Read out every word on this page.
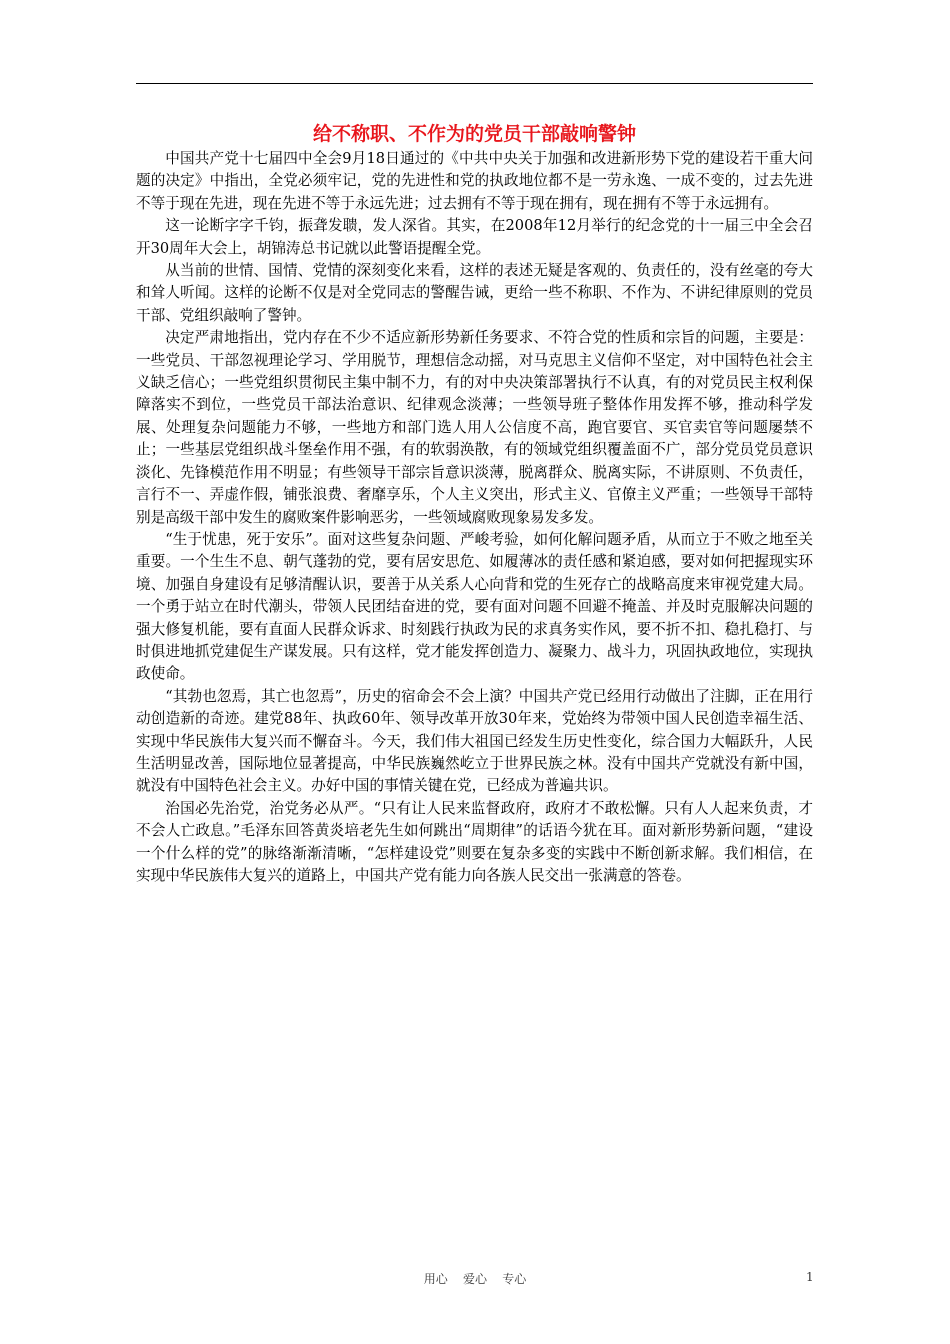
给不称职、不作为的党员干部敲响警钟

中国共产党十七届四中全会9月18日通过的《中共中央关于加强和改进新形势下党的建设若干重大问题的决定》中指出，全党必须牢记，党的先进性和党的执政地位都不是一劳永逸、一成不变的，过去先进不等于现在先进，现在先进不等于永远先进；过去拥有不等于现在拥有，现在拥有不等于永远拥有。

这一论断字字千钧，振聋发聩，发人深省。其实，在2008年12月举行的纪念党的十一届三中全会召开30周年大会上，胡锦涛总书记就以此警语提醒全党。

从当前的世情、国情、党情的深刻变化来看，这样的表述无疑是客观的、负责任的，没有丝毫的夸大和耸人听闻。这样的论断不仅是对全党同志的警醒告诫，更给一些不称职、不作为、不讲纪律原则的党员干部、党组织敲响了警钟。

决定严肃地指出，党内存在不少不适应新形势新任务要求、不符合党的性质和宗旨的问题，主要是：一些党员、干部忽视理论学习、学用脱节，理想信念动摇，对马克思主义信仰不坚定，对中国特色社会主义缺乏信心；一些党组织贯彻民主集中制不力，有的对中央决策部署执行不认真，有的对党员民主权利保障落实不到位，一些党员干部法治意识、纪律观念淡薄；一些领导班子整体作用发挥不够，推动科学发展、处理复杂问题能力不够，一些地方和部门选人用人公信度不高，跑官要官、买官卖官等问题屡禁不止；一些基层党组织战斗堡垒作用不强，有的软弱涣散，有的领域党组织覆盖面不广，部分党员党员意识淡化、先锋模范作用不明显；有些领导干部宗旨意识淡薄，脱离群众、脱离实际，不讲原则、不负责任，言行不一、弄虚作假，铺张浪费、奢靡享乐，个人主义突出，形式主义、官僚主义严重；一些领导干部特别是高级干部中发生的腐败案件影响恶劣，一些领域腐败现象易发多发。

“生于忧患，死于安乐”。面对这些复杂问题、严峻考验，如何化解问题矛盾，从而立于不败之地至关重要。一个生生不息、朝气蓬勃的党，要有居安思危、如履薄冰的责任感和紧迫感，要对如何把握现实环境、加强自身建设有足够清醒认识，要善于从关系人心向背和党的生死存亡的战略高度来审视党建大局。一个勇于站立在时代潮头，带领人民团结奋进的党，要有面对问题不回避不掩盖、并及时克服解决问题的强大修复机能，要有直面人民群众诉求、时刻践行执政为民的求真务实作风，要不折不扣、稳扎稳打、与时俱进地抓党建促生产谋发展。只有这样，党才能发挥创造力、凝聚力、战斗力，巩固执政地位，实现执政使命。

“其勃也忽焉，其亡也忽焉”，历史的宿命会不会上演？中国共产党已经用行动做出了注脚，正在用行动创造新的奇迹。建党88年、执政60年、领导改革开放30年来，党始终为带领中国人民创造幸福生活、实现中华民族伟大复兴而不懈奋斗。今天，我们伟大祖国已经发生历史性变化，综合国力大幅跃升，人民生活明显改善，国际地位显著提高，中华民族巍然屹立于世界民族之林。没有中国共产党就没有新中国，就没有中国特色社会主义。办好中国的事情关键在党，已经成为普遍共识。

治国必先治党，治党务必从严。“只有让人民来监督政府，政府才不敢松懈。只有人人起来负责，才不会人亡政息。”毛泽东回答黄炎培老先生如何跳出“周期律”的话语今犹在耳。面对新形势新问题，“建设一个什么样的党”的脉络渐渐清晰，“怎样建设党”则要在复杂多变的实践中不断创新求解。我们相信，在实现中华民族伟大复兴的道路上，中国共产党有能力向各族人民交出一张满意的答卷。

用心    爱心    专心	1
